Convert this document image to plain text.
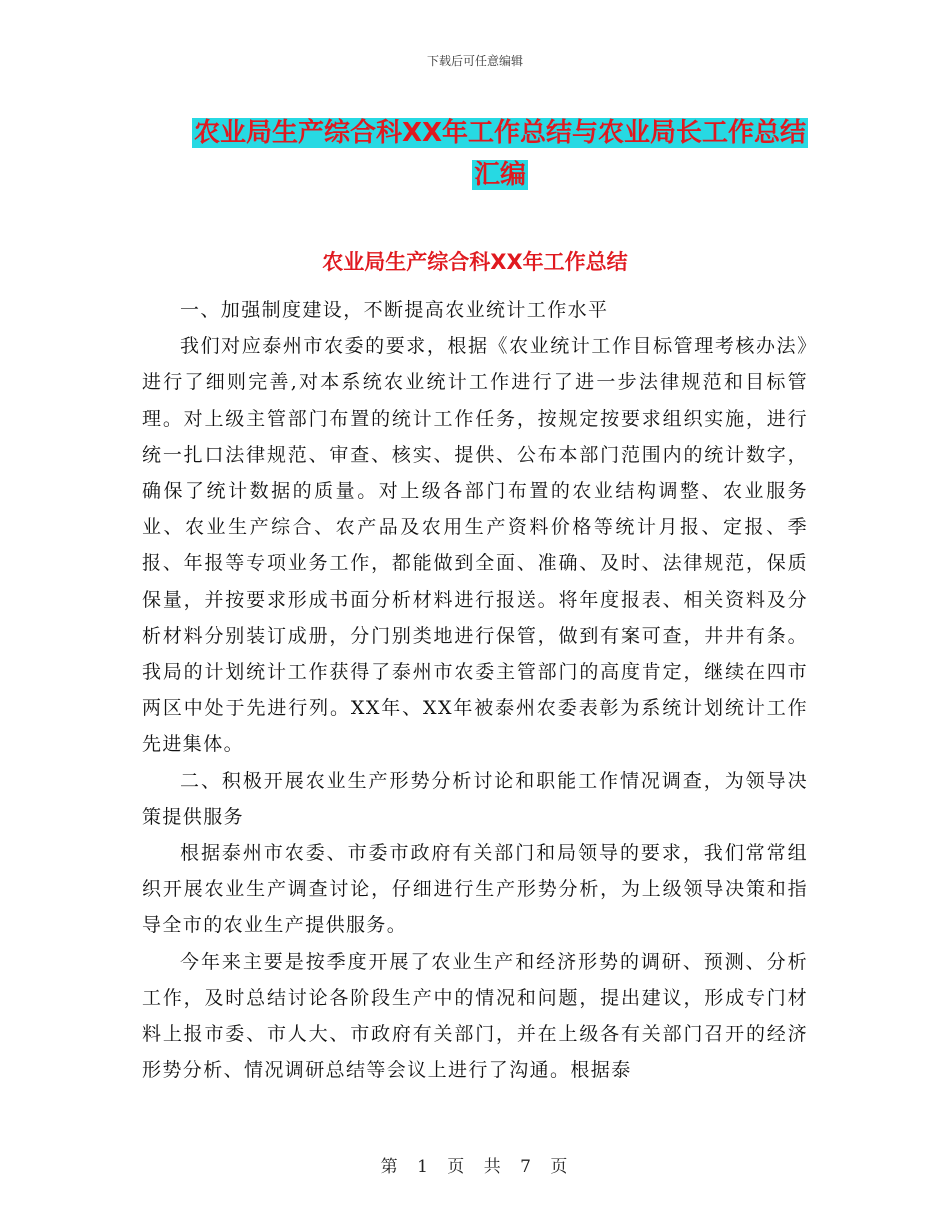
下载后可任意编辑
农业局生产综合科XX年工作总结与农业局长工作总结
汇编
农业局生产综合科XX年工作总结

一、加强制度建设，不断提高农业统计工作水平

我们对应泰州市农委的要求，根据《农业统计工作目标管理考核办法》进行了细则完善,对本系统农业统计工作进行了进一步法律规范和目标管理。对上级主管部门布置的统计工作任务，按规定按要求组织实施，进行统一扎口法律规范、审查、核实、提供、公布本部门范围内的统计数字，确保了统计数据的质量。对上级各部门布置的农业结构调整、农业服务业、农业生产综合、农产品及农用生产资料价格等统计月报、定报、季报、年报等专项业务工作，都能做到全面、准确、及时、法律规范，保质保量，并按要求形成书面分析材料进行报送。将年度报表、相关资料及分析材料分别装订成册，分门别类地进行保管，做到有案可查，井井有条。我局的计划统计工作获得了泰州市农委主管部门的高度肯定，继续在四市两区中处于先进行列。XX年、XX年被泰州农委表彰为系统计划统计工作先进集体。

二、积极开展农业生产形势分析讨论和职能工作情况调查，为领导决策提供服务

根据泰州市农委、市委市政府有关部门和局领导的要求，我们常常组织开展农业生产调查讨论，仔细进行生产形势分析，为上级领导决策和指导全市的农业生产提供服务。

今年来主要是按季度开展了农业生产和经济形势的调研、预测、分析工作，及时总结讨论各阶段生产中的情况和问题，提出建议，形成专门材料上报市委、市人大、市政府有关部门，并在上级各有关部门召开的经济形势分析、情况调研总结等会议上进行了沟通。根据泰

第 1 页 共 7 页
